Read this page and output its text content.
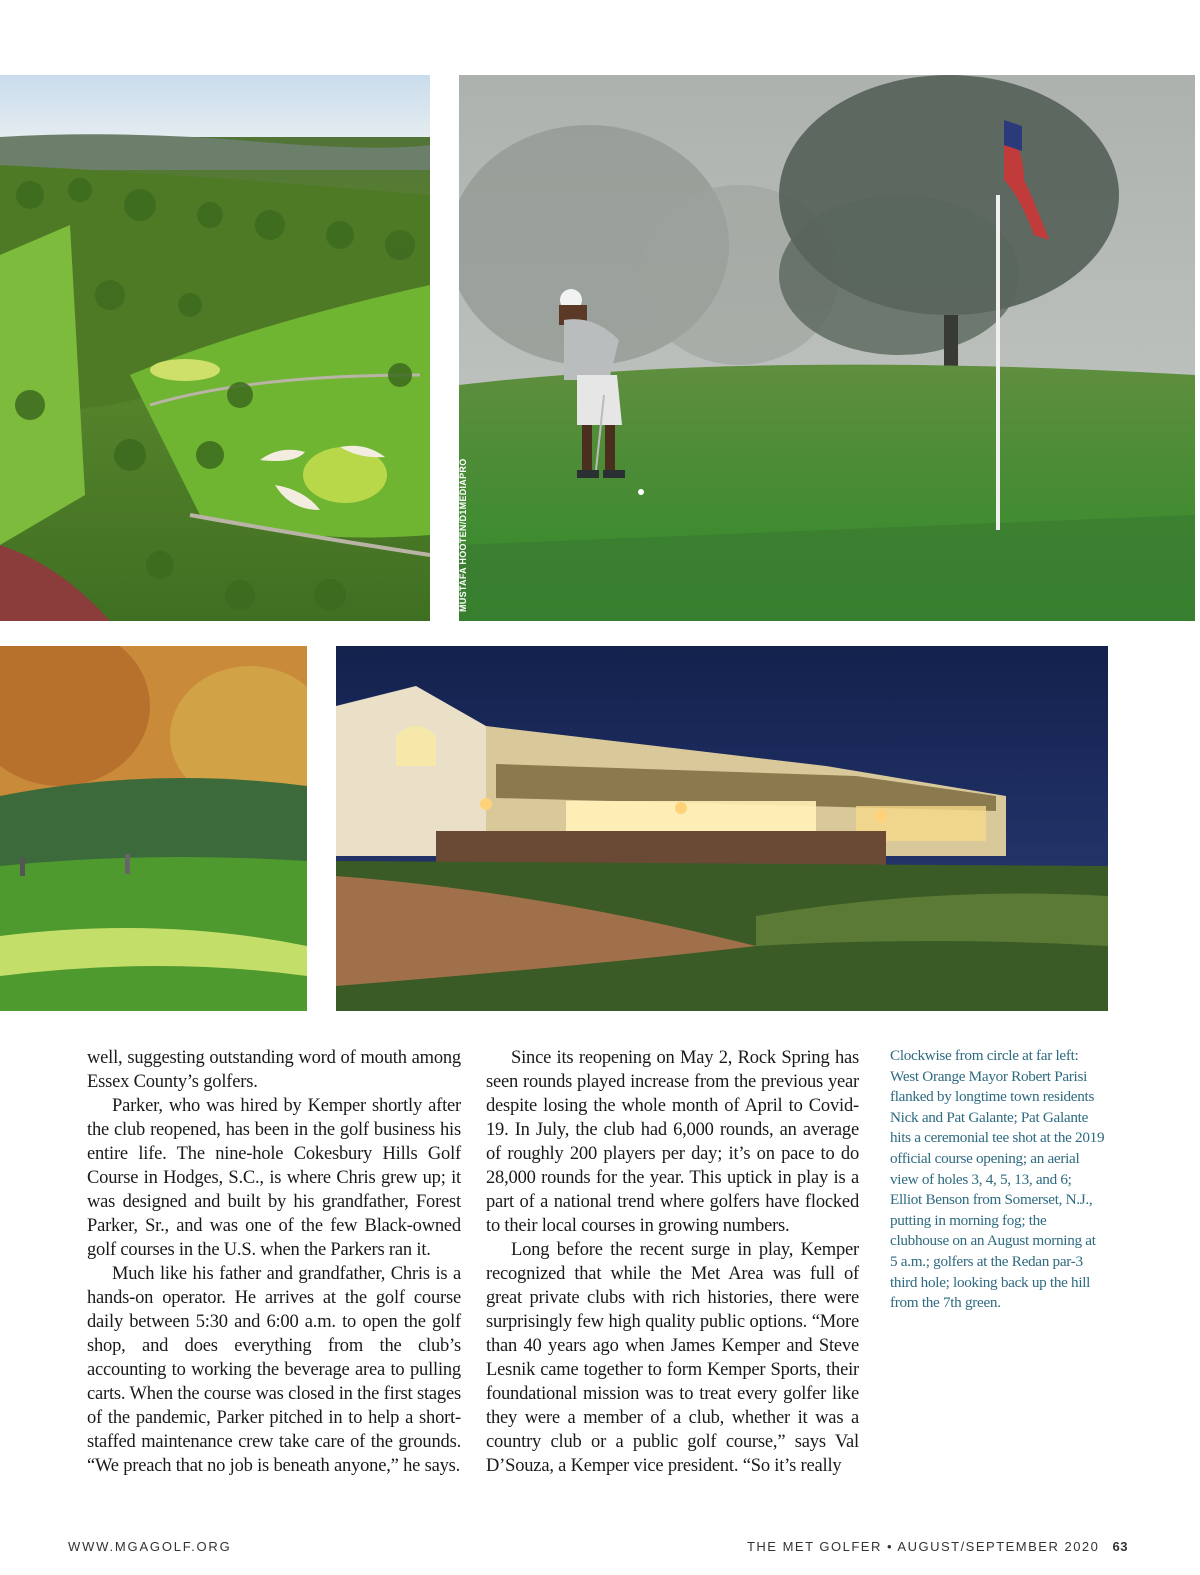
MUSTAFA HOOTEN/D1MEDIAPRO

well, suggesting outstanding word of mouth among Essex County’s golfers.

Parker, who was hired by Kemper shortly after the club reopened, has been in the golf business his entire life. The nine-hole Cokesbury Hills Golf Course in Hodges, S.C., is where Chris grew up; it was designed and built by his grandfather, Forest Parker, Sr., and was one of the few Black-owned golf courses in the U.S. when the Parkers ran it.

Much like his father and grandfather, Chris is a hands-on operator. He arrives at the golf course daily between 5:30 and 6:00 a.m. to open the golf shop, and does everything from the club’s accounting to working the beverage area to pulling carts. When the course was closed in the first stages of the pandemic, Parker pitched in to help a short-staffed maintenance crew take care of the grounds. “We preach that no job is beneath anyone,” he says.

Since its reopening on May 2, Rock Spring has seen rounds played increase from the previous year despite losing the whole month of April to Covid-19. In July, the club had 6,000 rounds, an average of roughly 200 players per day; it’s on pace to do 28,000 rounds for the year. This uptick in play is a part of a national trend where golfers have flocked to their local courses in growing numbers.

Long before the recent surge in play, Kemper recognized that while the Met Area was full of great private clubs with rich histories, there were surprisingly few high quality public options. “More than 40 years ago when James Kemper and Steve Lesnik came together to form Kemper Sports, their foundational mission was to treat every golfer like they were a member of a club, whether it was a country club or a public golf course,” says Val D’Souza, a Kemper vice president. “So it’s really

Clockwise from circle at far left: West Orange Mayor Robert Parisi flanked by longtime town residents Nick and Pat Galante; Pat Galante hits a ceremonial tee shot at the 2019 official course opening; an aerial view of holes 3, 4, 5, 13, and 6; Elliot Benson from Somerset, N.J., putting in morning fog; the clubhouse on an August morning at 5 a.m.; golfers at the Redan par-3 third hole; looking back up the hill from the 7th green.
WWW.MGAGOLF.ORG	THE MET GOLFER • AUGUST/SEPTEMBER 2020 63
